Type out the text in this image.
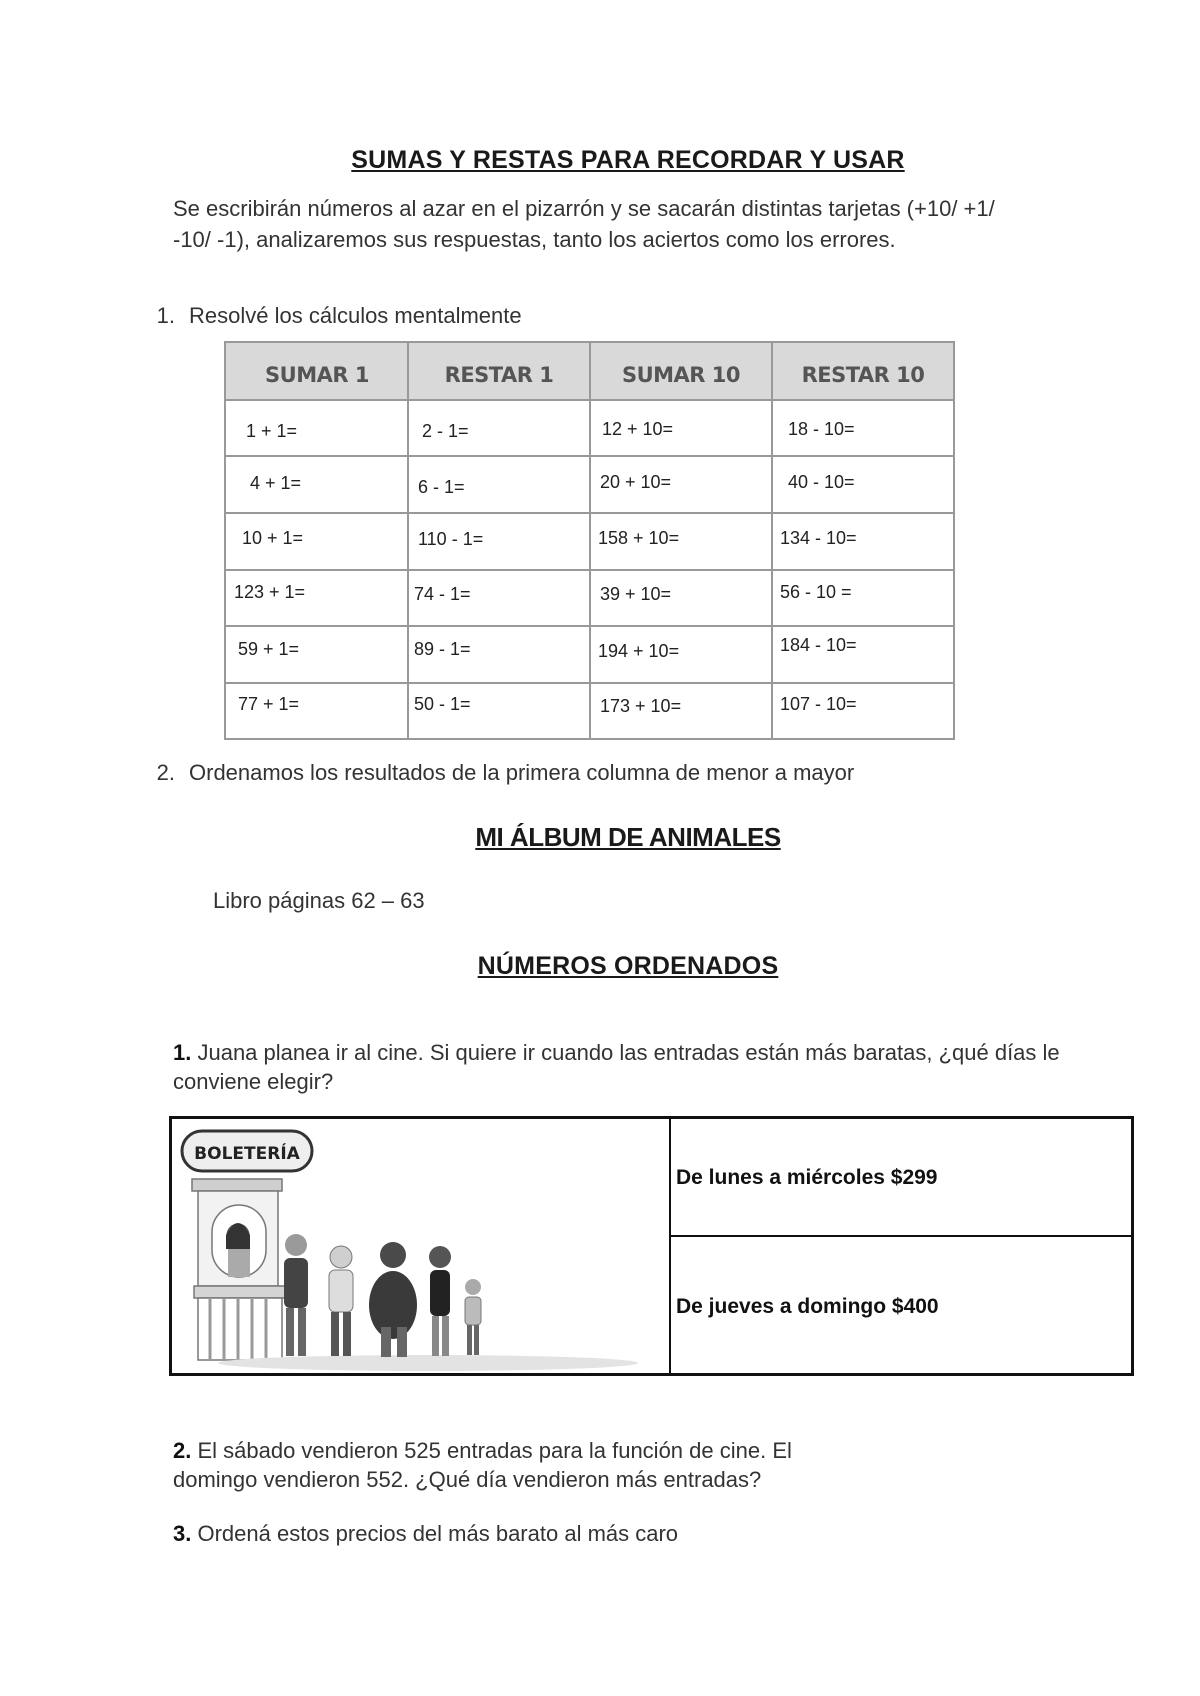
SUMAS Y RESTAS PARA RECORDAR Y USAR
Se escribirán números al azar en el pizarrón y se sacarán distintas tarjetas (+10/ +1/ -10/ -1), analizaremos sus respuestas, tanto los aciertos como los errores.
1. Resolvé los cálculos mentalmente
SUMAR 1	RESTAR 1	SUMAR 10	RESTAR 10
1 + 1=	2 - 1=	12 + 10=	18 - 10=
4 + 1=	6 - 1=	20 + 10=	40 - 10=
10 + 1=	110 - 1=	158 + 10=	134 - 10=
123 + 1=	74 - 1=	39 + 10=	56 - 10 =
59 + 1=	89 - 1=	194 + 10=	184 - 10=
77 + 1=	50 - 1=	173 + 10=	107 - 10=
2. Ordenamos los resultados de la primera columna de menor a mayor
MI ÁLBUM DE ANIMALES
Libro páginas 62 – 63
NÚMEROS ORDENADOS
1. Juana planea ir al cine. Si quiere ir cuando las entradas están más baratas, ¿qué días le conviene elegir?
BOLETERÍA
De lunes a miércoles $299
De jueves a domingo $400
2. El sábado vendieron 525 entradas para la función de cine. El domingo vendieron 552. ¿Qué día vendieron más entradas?
3. Ordená estos precios del más barato al más caro
